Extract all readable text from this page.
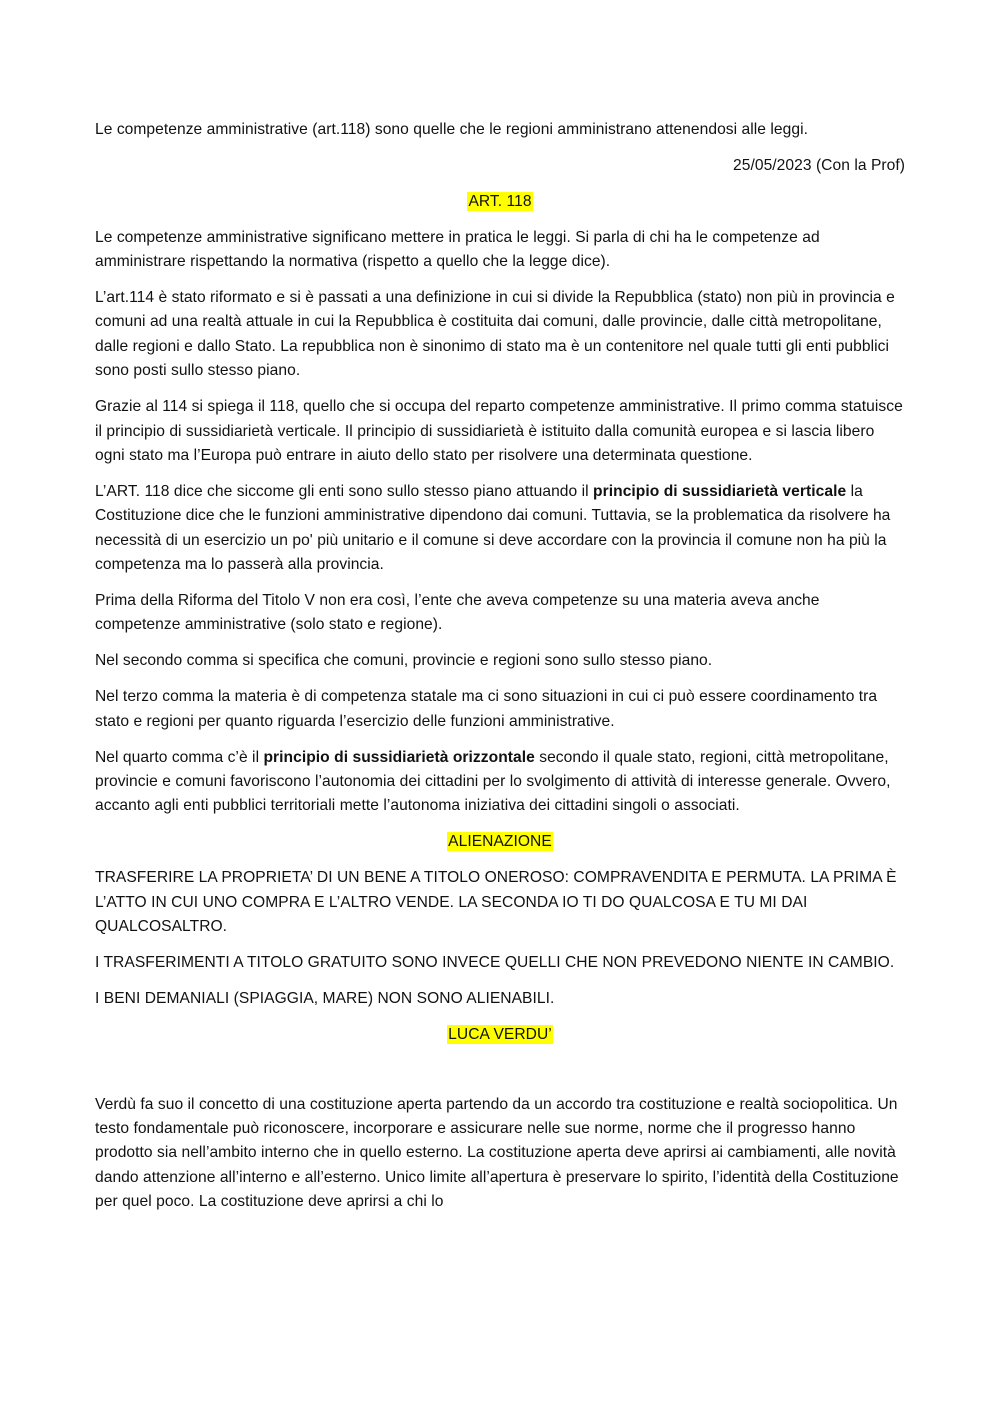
Le competenze amministrative (art.118) sono quelle che le regioni amministrano attenendosi alle leggi.

25/05/2023 (Con la Prof)

ART. 118

Le competenze amministrative significano mettere in pratica le leggi. Si parla di chi ha le competenze ad amministrare rispettando la normativa (rispetto a quello che la legge dice).

L’art.114 è stato riformato e si è passati a una definizione in cui si divide la Repubblica (stato) non più in provincia e comuni ad una realtà attuale in cui la Repubblica è costituita dai comuni, dalle provincie, dalle città metropolitane, dalle regioni e dallo Stato. La repubblica non è sinonimo di stato ma è un contenitore nel quale tutti gli enti pubblici sono posti sullo stesso piano.

Grazie al 114 si spiega il 118, quello che si occupa del reparto competenze amministrative. Il primo comma statuisce il principio di sussidiarietà verticale. Il principio di sussidiarietà è istituito dalla comunità europea e si lascia libero ogni stato ma l’Europa può entrare in aiuto dello stato per risolvere una determinata questione.

L’ART. 118 dice che siccome gli enti sono sullo stesso piano attuando il principio di sussidiarietà verticale la Costituzione dice che le funzioni amministrative dipendono dai comuni. Tuttavia, se la problematica da risolvere ha necessità di un esercizio un po' più unitario e il comune si deve accordare con la provincia il comune non ha più la competenza ma lo passerà alla provincia.

Prima della Riforma del Titolo V non era così, l’ente che aveva competenze su una materia aveva anche competenze amministrative (solo stato e regione).

Nel secondo comma si specifica che comuni, provincie e regioni sono sullo stesso piano.

Nel terzo comma la materia è di competenza statale ma ci sono situazioni in cui ci può essere coordinamento tra stato e regioni per quanto riguarda l’esercizio delle funzioni amministrative.

Nel quarto comma c’è il principio di sussidiarietà orizzontale secondo il quale stato, regioni, città metropolitane, provincie e comuni favoriscono l’autonomia dei cittadini per lo svolgimento di attività di interesse generale. Ovvero, accanto agli enti pubblici territoriali mette l’autonoma iniziativa dei cittadini singoli o associati.

ALIENAZIONE

TRASFERIRE LA PROPRIETA’ DI UN BENE A TITOLO ONEROSO: COMPRAVENDITA E PERMUTA. LA PRIMA È L’ATTO IN CUI UNO COMPRA E L’ALTRO VENDE. LA SECONDA IO TI DO QUALCOSA E TU MI DAI QUALCOSALTRO.

I TRASFERIMENTI A TITOLO GRATUITO SONO INVECE QUELLI CHE NON PREVEDONO NIENTE IN CAMBIO.

I BENI DEMANIALI (SPIAGGIA, MARE) NON SONO ALIENABILI.

LUCA VERDU’

Verdù fa suo il concetto di una costituzione aperta partendo da un accordo tra costituzione e realtà sociopolitica. Un testo fondamentale può riconoscere, incorporare e assicurare nelle sue norme, norme che il progresso hanno prodotto sia nell’ambito interno che in quello esterno. La costituzione aperta deve aprirsi ai cambiamenti, alle novità dando attenzione all’interno e all’esterno. Unico limite all’apertura è preservare lo spirito, l’identità della Costituzione per quel poco. La costituzione deve aprirsi a chi lo
